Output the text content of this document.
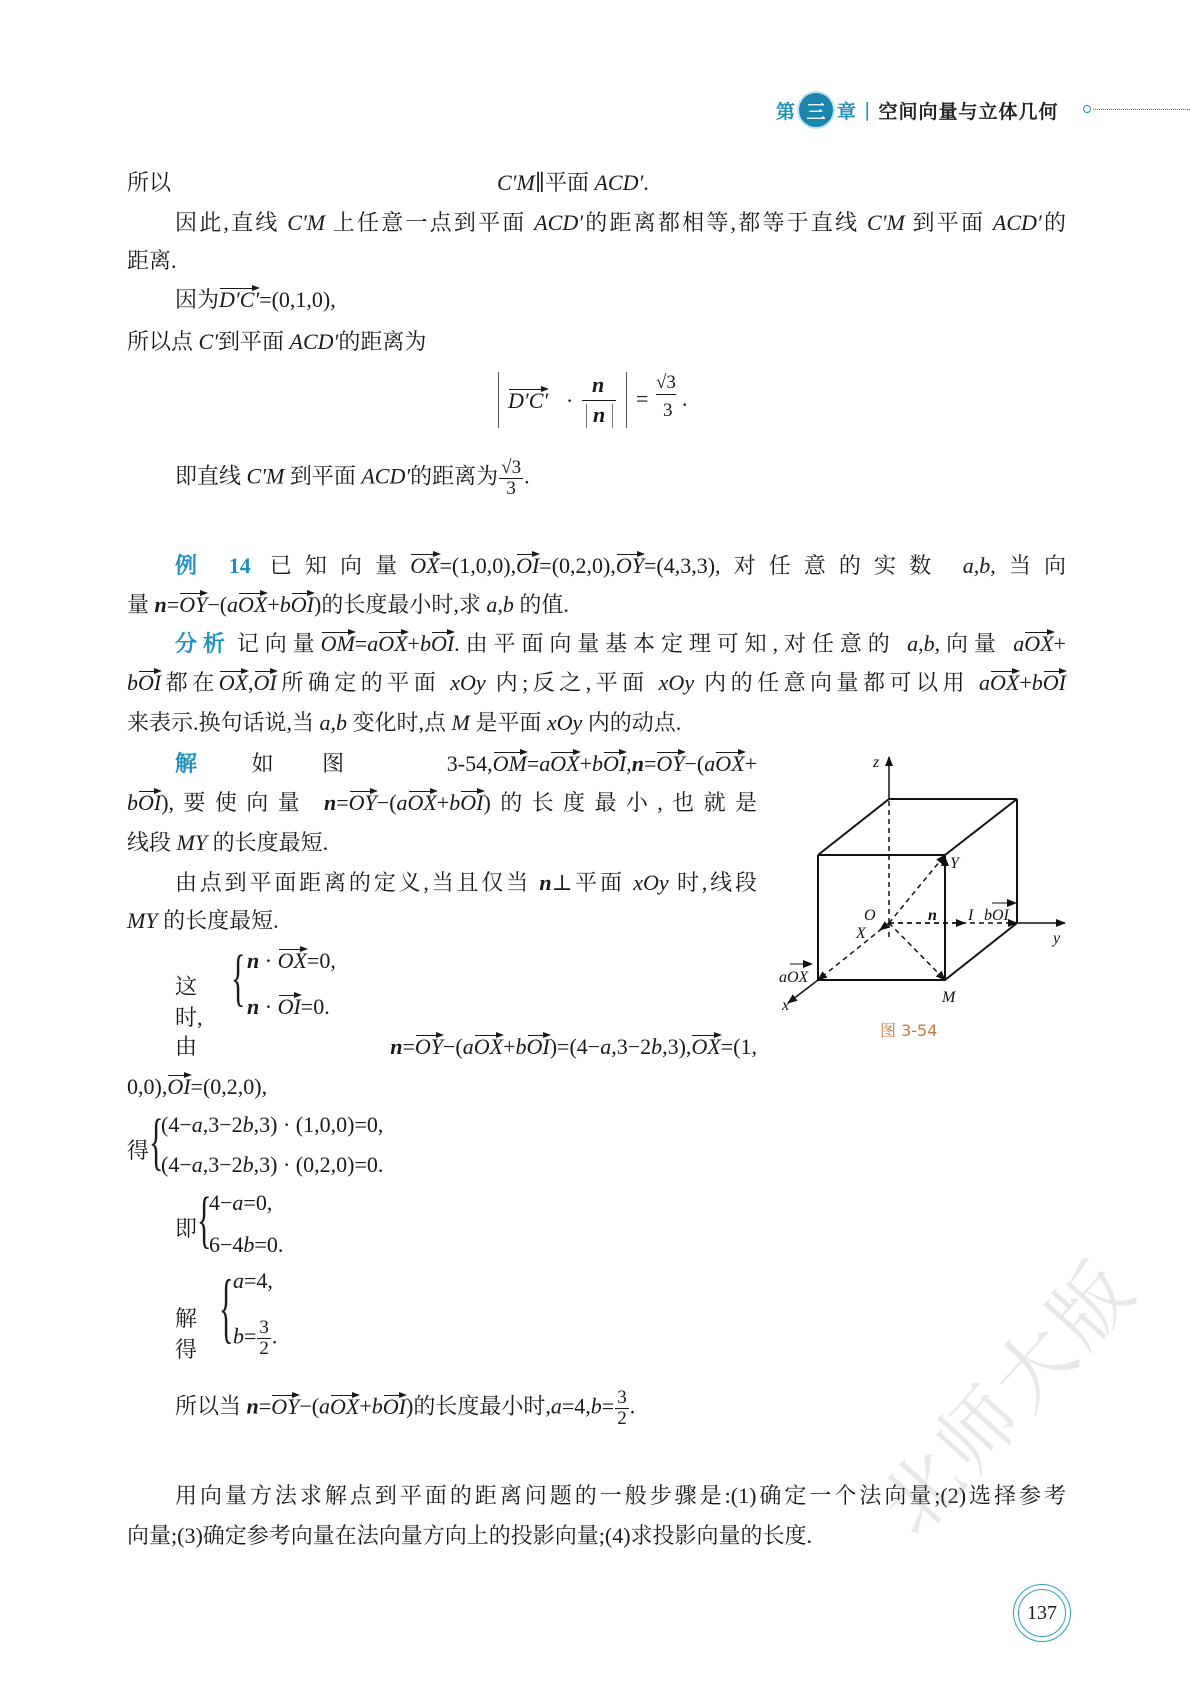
第 三 章 | 空间向量与立体几何
所以	C′M∥平面 ACD′.
因此,直线 C′M 上任意一点到平面 ACD′的距离都相等,都等于直线 C′M 到平面 ACD′的
距离.
因为D′C′=(0,1,0),
所以点 C′到平面 ACD′的距离为
D′C′ ·
n
n
=
√3
3 .
即直线 C′M 到平面 ACD′的距离为 $\frac{√3}{3}$ .
例 14 已知向量OX=(1,0,0),OI=(0,2,0),OY=(4,3,3),对任意的实数 a,b,当向
量 n=OY−(aOX+bOI)的长度最小时,求 a,b 的值.
分析 记向量OM=aOX+bOI.由平面向量基本定理可知,对任意的 a,b,向量 aOX+
bOI都在OX,OI所确定的平面 xOy 内;反之,平面 xOy 内的任意向量都可以用 aOX+bOI
来表示.换句话说,当 a,b 变化时,点 M 是平面 xOy 内的动点.
解 如图 3-54,OM=aOX+bOI,n=OY−(aOX+
bOI),要使向量 n=OY−(aOX+bOI)的长度最小,也就是
线段 MY 的长度最短.
由点到平面距离的定义,当且仅当 n⊥平面 xOy 时,线段
MY 的长度最短.
这时,
{ n · OX=0,
n · OI=0.
由 n=OY−(aOX+bOI)=(4−a,3−2b,3),OX=(1,
0,0),OI=(0,2,0),
得 {
(4−a,3−2b,3) · (1,0,0)=0,
(4−a,3−2b,3) · (0,2,0)=0.
即 {
4−a=0,
6−4b=0.
解得 { a=4,
$b= \frac{3}{2}$ .
所以当 n=OY−(aOX+bOI)的长度最小时$,a=4,b= \frac{3}{2}$ .
用向量方法求解点到平面的距离问题的一般步骤是:(1)确定一个法向量;(2)选择参考
向量;(3)确定参考向量在法向量方向上的投影向量;(4)求投影向量的长度.
z
y
x
O
X
Y
M
n I bOI
aOX
图 3-54
北师大版
137
